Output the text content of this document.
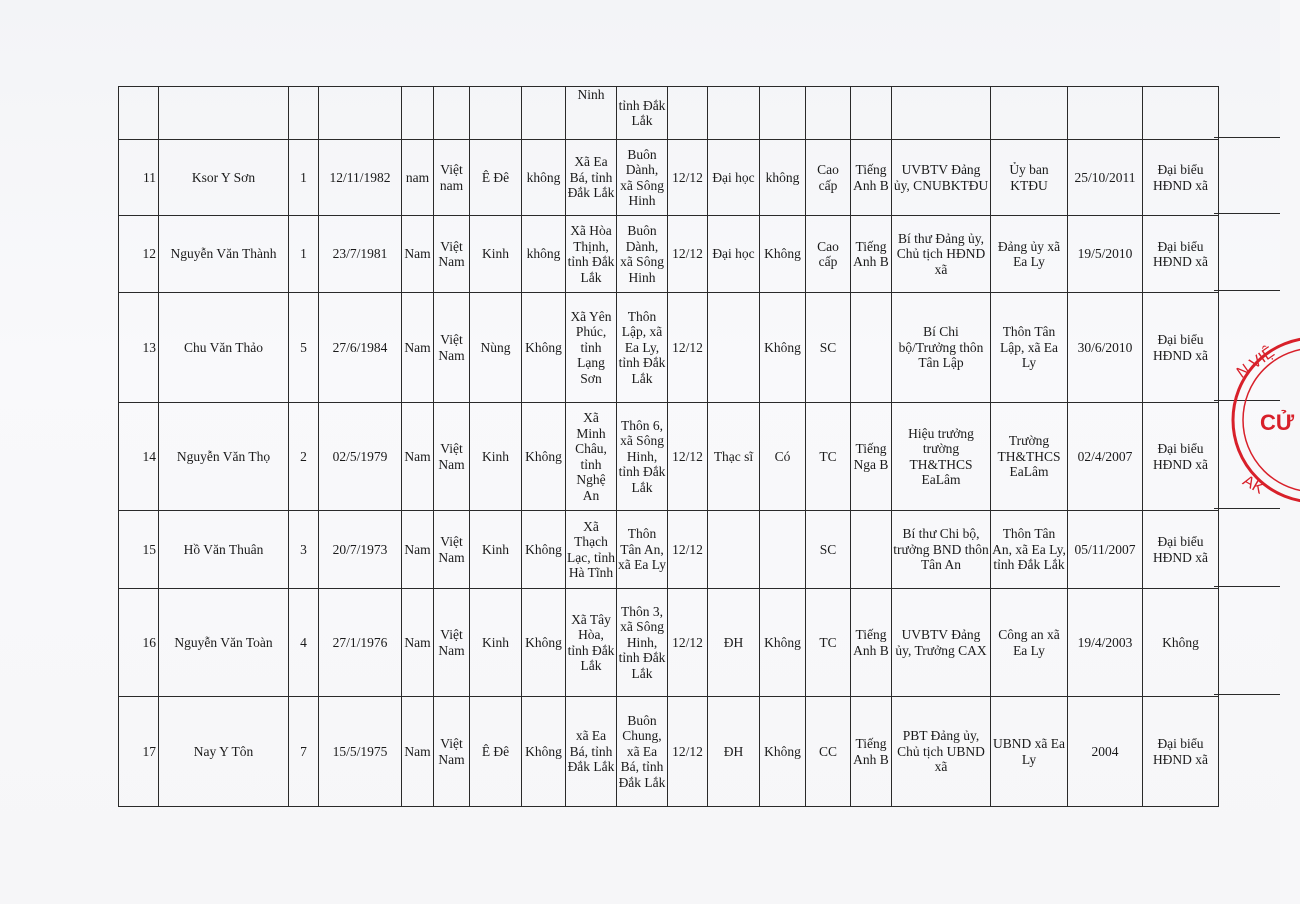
								Ninh	tỉnh Đắk Lắk									
11	Ksor Y Sơn	1	12/11/1982	nam	Việt nam	Ê Đê	không	Xã Ea Bá, tỉnh Đắk Lắk	Buôn Dành, xã Sông Hinh	12/12	Đại học	không	Cao cấp	Tiếng Anh B	UVBTV Đảng ủy, CNUBKTĐU	Ủy ban KTĐU	25/10/2011	Đại biểu HĐND xã
12	Nguyễn Văn Thành	1	23/7/1981	Nam	Việt Nam	Kinh	không	Xã Hòa Thịnh, tỉnh Đắk Lắk	Buôn Dành, xã Sông Hinh	12/12	Đại học	Không	Cao cấp	Tiếng Anh B	Bí thư Đảng ủy, Chủ tịch HĐND xã	Đảng ủy xã Ea Ly	19/5/2010	Đại biểu HĐND xã
13	Chu Văn Thảo	5	27/6/1984	Nam	Việt Nam	Nùng	Không	Xã Yên Phúc, tỉnh Lạng Sơn	Thôn Lập, xã Ea Ly, tỉnh Đắk Lắk	12/12		Không	SC		Bí Chi bộ/Trưởng thôn Tân Lập	Thôn Tân Lập, xã Ea Ly	30/6/2010	Đại biểu HĐND xã
14	Nguyễn Văn Thọ	2	02/5/1979	Nam	Việt Nam	Kinh	Không	Xã Minh Châu, tỉnh Nghệ An	Thôn 6, xã Sông Hinh, tỉnh Đắk Lắk	12/12	Thạc sĩ	Có	TC	Tiếng Nga B	Hiệu trưởng trường TH&THCS EaLâm	Trường TH&THCS EaLâm	02/4/2007	Đại biểu HĐND xã
15	Hồ Văn Thuân	3	20/7/1973	Nam	Việt Nam	Kinh	Không	Xã Thạch Lạc, tỉnh Hà Tĩnh	Thôn Tân An, xã Ea Ly	12/12			SC		Bí thư Chi bộ, trưởng BND thôn Tân An	Thôn Tân An, xã Ea Ly, tỉnh Đắk Lắk	05/11/2007	Đại biểu HĐND xã
16	Nguyễn Văn Toàn	4	27/1/1976	Nam	Việt Nam	Kinh	Không	Xã Tây Hòa, tỉnh Đắk Lắk	Thôn 3, xã Sông Hinh, tỉnh Đắk Lắk	12/12	ĐH	Không	TC	Tiếng Anh B	UVBTV Đảng ủy, Trưởng CAX	Công an xã Ea Ly	19/4/2003	Không
17	Nay Y Tôn	7	15/5/1975	Nam	Việt Nam	Ê Đê	Không	xã Ea Bá, tỉnh Đắk Lắk	Buôn Chung, xã Ea Bá, tỉnh Đắk Lắk	12/12	ĐH	Không	CC	Tiếng Anh B	PBT Đảng ủy, Chủ tịch UBND xã	UBND xã Ea Ly	2004	Đại biểu HĐND xã
N VIỆ
CỬ
AK
